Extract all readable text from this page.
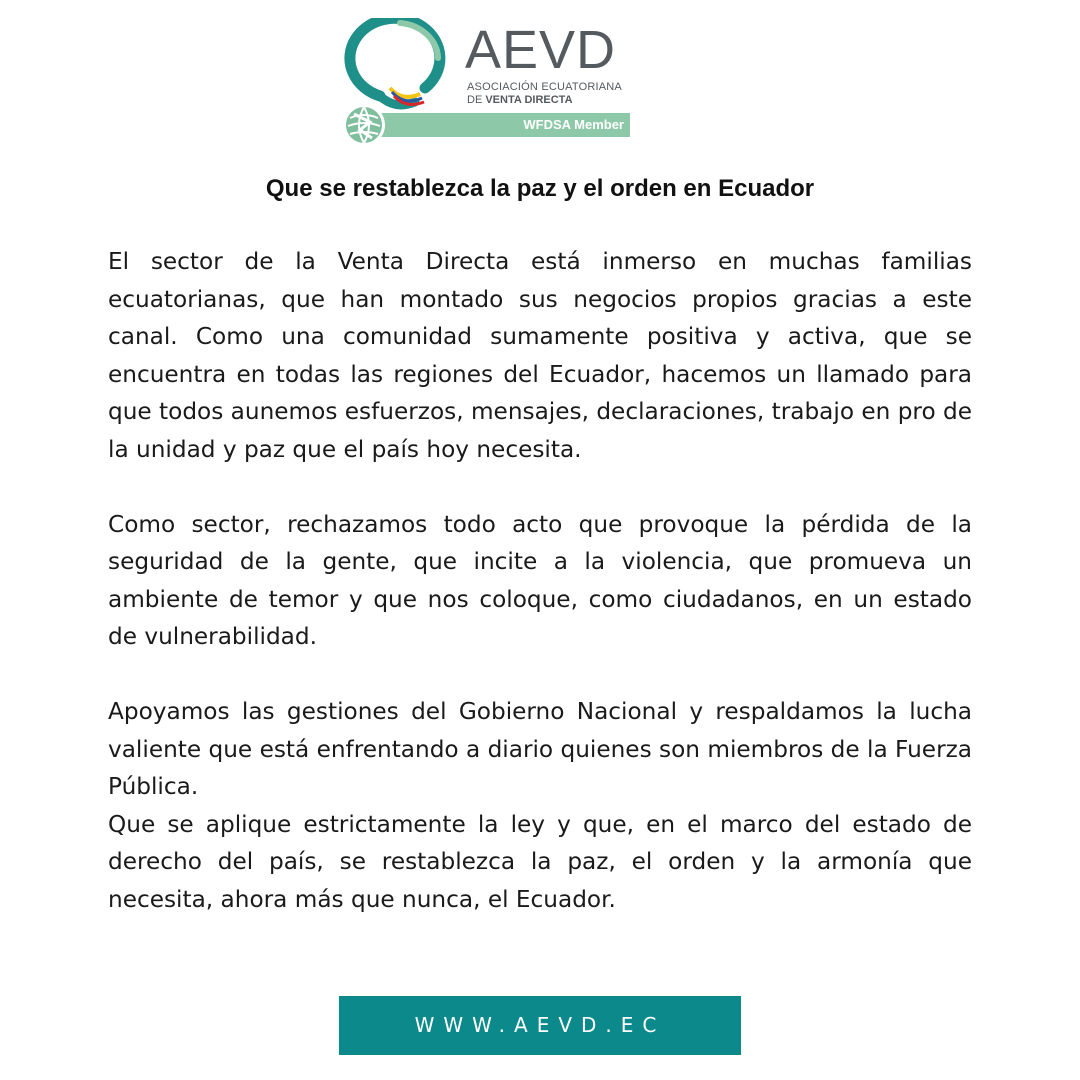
AEVD
ASOCIACIÓN ECUATORIANA
DE VENTA DIRECTA
WFDSA Member
Que se restablezca la paz y el orden en Ecuador

El sector de la Venta Directa está inmerso en muchas familias ecuatorianas, que han montado sus negocios propios gracias a este canal. Como una comunidad sumamente positiva y activa, que se encuentra en todas las regiones del Ecuador, hacemos un llamado para que todos aunemos esfuerzos, mensajes, declaraciones, trabajo en pro de la unidad y paz que el país hoy necesita.

Como sector, rechazamos todo acto que provoque la pérdida de la seguridad de la gente, que incite a la violencia, que promueva un ambiente de temor y que nos coloque, como ciudadanos, en un estado de vulnerabilidad.

Apoyamos las gestiones del Gobierno Nacional y respaldamos la lucha valiente que está enfrentando a diario quienes son miembros de la Fuerza Pública.

Que se aplique estrictamente la ley y que, en el marco del estado de derecho del país, se restablezca la paz, el orden y la armonía que necesita, ahora más que nunca, el Ecuador.

WWW.AEVD.EC
